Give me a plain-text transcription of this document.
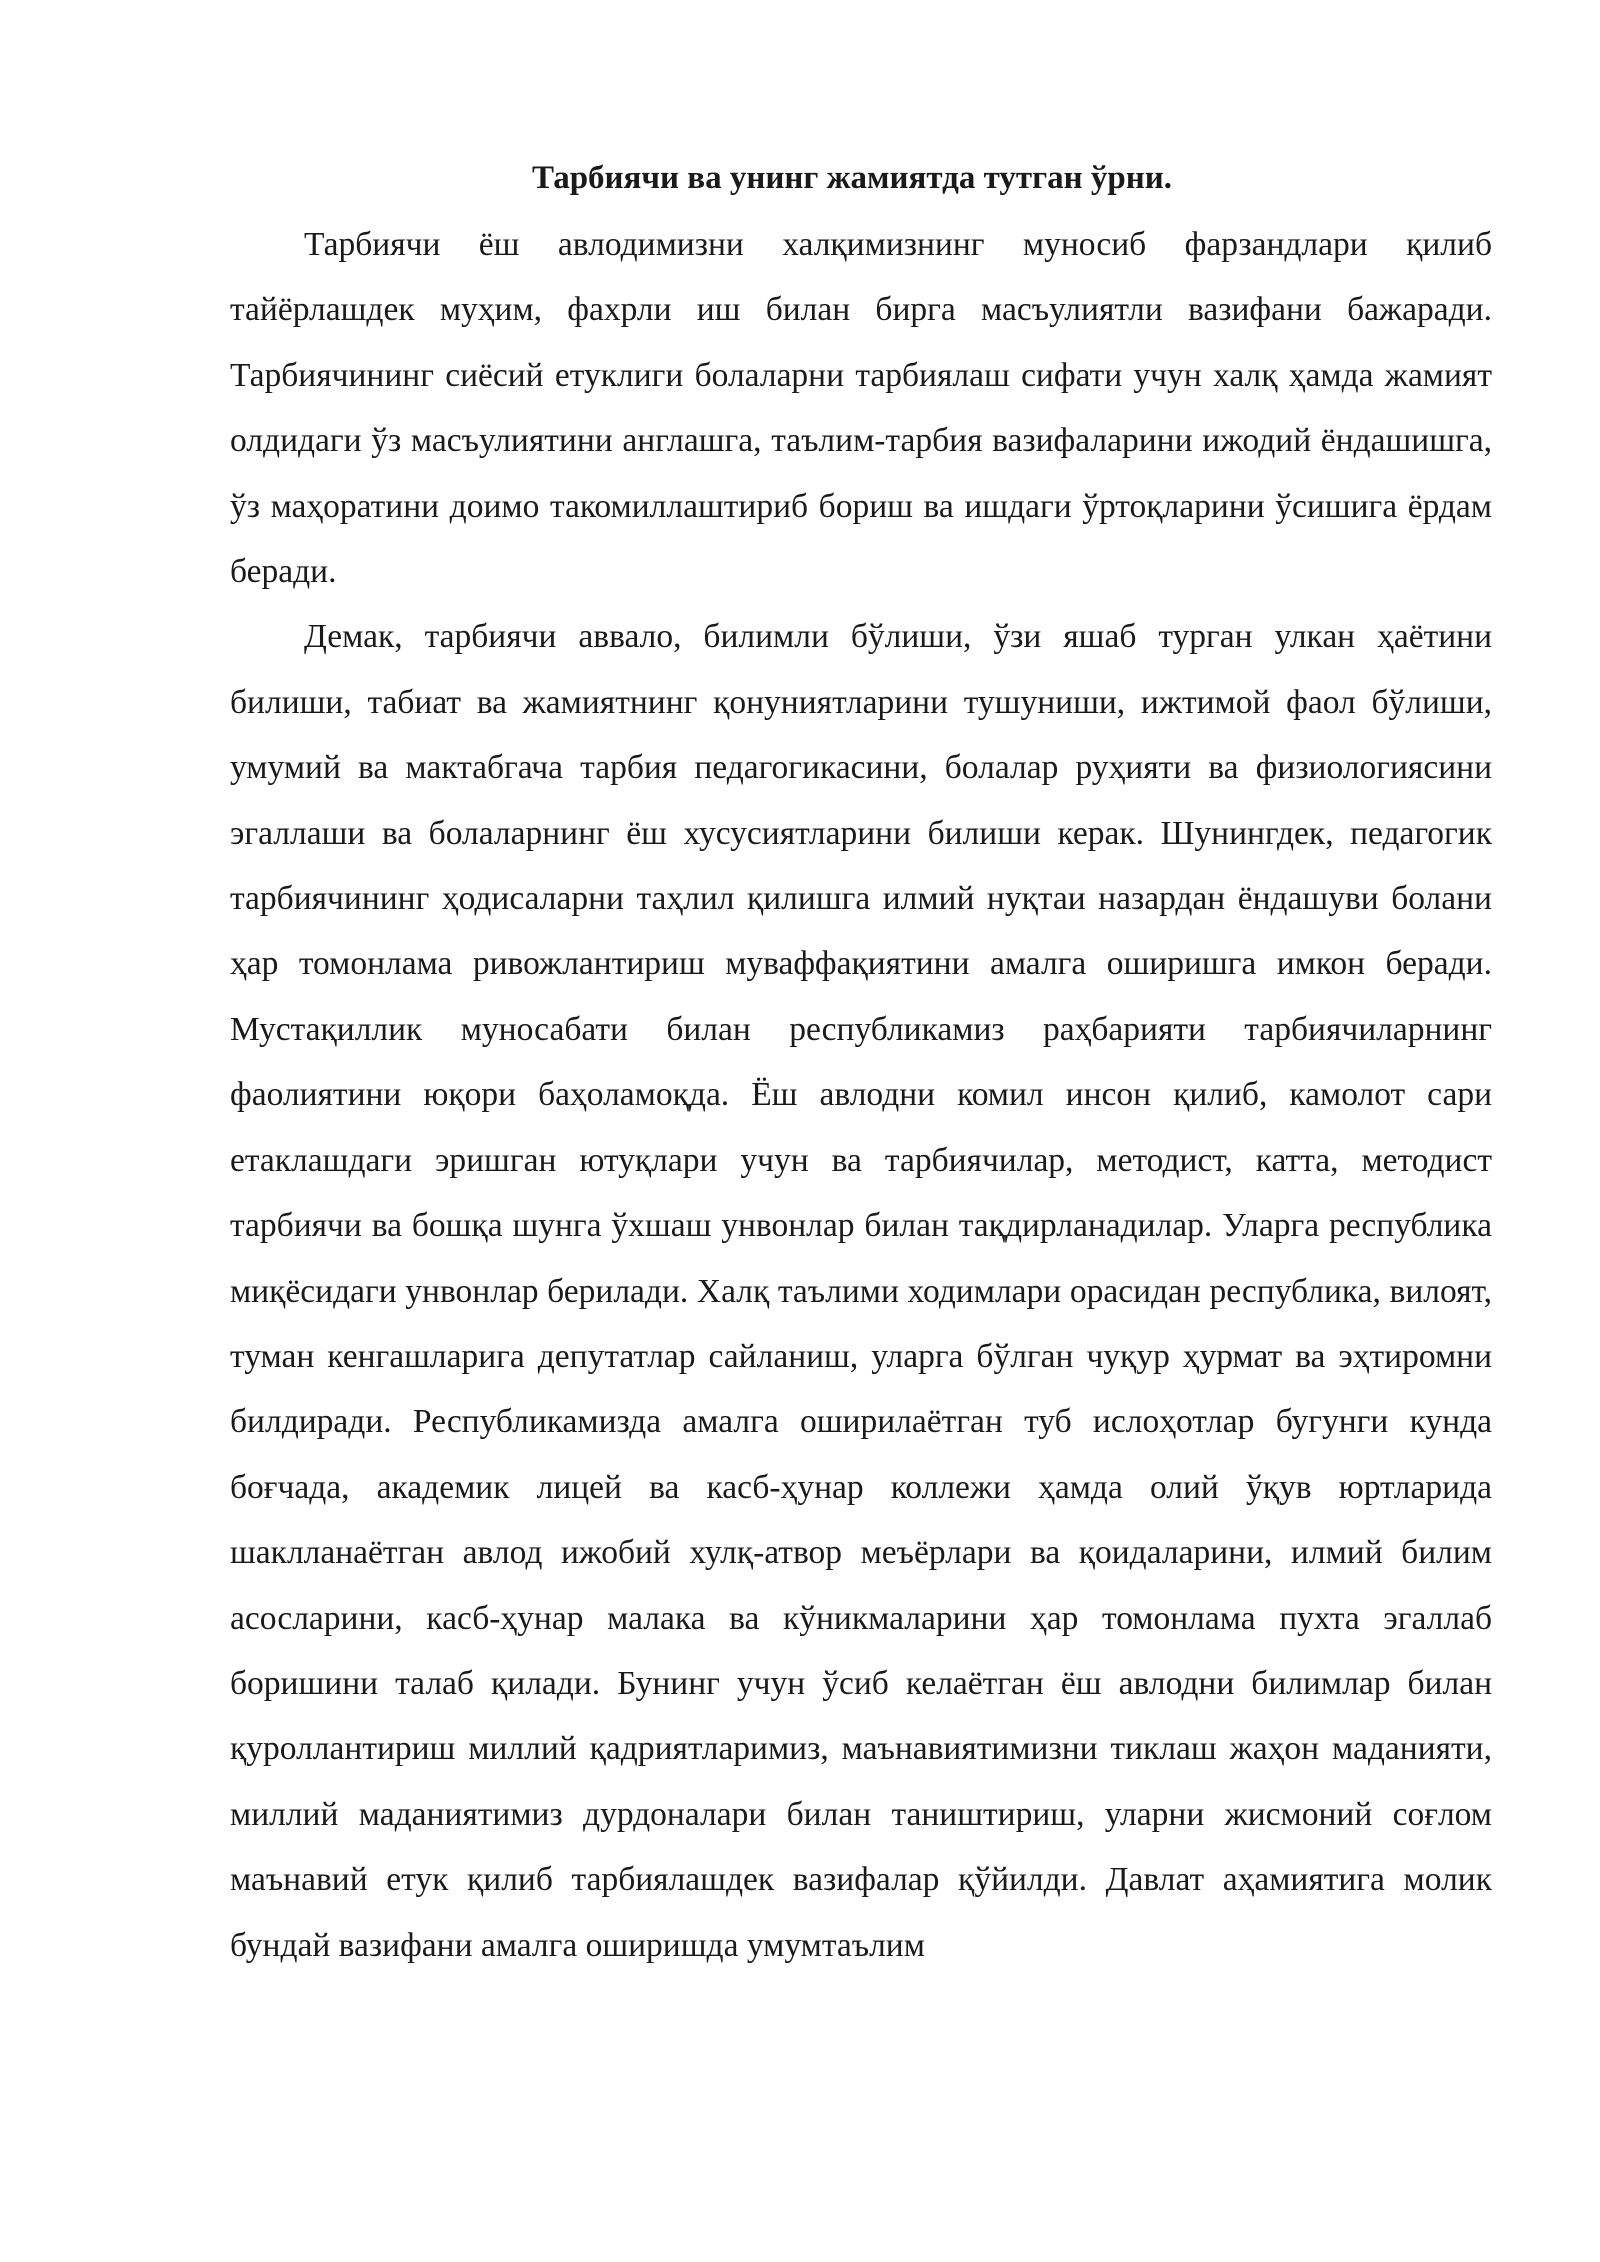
Тарбиячи ва унинг жамиятда тутган ўрни.

Тарбиячи ёш авлодимизни халқимизнинг муносиб фарзандлари қилиб тайёрлашдек муҳим, фахрли иш билан бирга масъулиятли вазифани бажаради. Тарбиячининг сиёсий етуклиги болаларни тарбиялаш сифати учун халқ ҳамда жамият олдидаги ўз масъулиятини англашга, таълим-тарбия вазифаларини ижодий ёндашишга, ўз маҳоратини доимо такомиллаштириб бориш ва ишдаги ўртоқларини ўсишига ёрдам беради.

Демак, тарбиячи аввало, билимли бўлиши, ўзи яшаб турган улкан ҳаётини билиши, табиат ва жамиятнинг қонуниятларини тушуниши, ижтимой фаол бўлиши, умумий ва мактабгача тарбия педагогикасини, болалар руҳияти ва физиологиясини эгаллаши ва болаларнинг ёш хусусиятларини билиши керак. Шунингдек, педагогик тарбиячининг ҳодисаларни таҳлил қилишга илмий нуқтаи назардан ёндашуви болани ҳар томонлама ривожлантириш муваффақиятини амалга оширишга имкон беради. Мустақиллик муносабати билан республикамиз раҳбарияти тарбиячиларнинг фаолиятини юқори баҳоламоқда. Ёш авлодни комил инсон қилиб, камолот сари етаклашдаги эришган ютуқлари учун ва тарбиячилар, методист, катта, методист тарбиячи ва бошқа шунга ўхшаш унвонлар билан тақдирланадилар. Уларга республика миқёсидаги унвонлар берилади. Халқ таълими ходимлари орасидан республика, вилоят, туман кенгашларига депутатлар сайланиш, уларга бўлган чуқур ҳурмат ва эҳтиромни билдиради. Республикамизда амалга оширилаётган туб ислоҳотлар бугунги кунда боғчада, академик лицей ва касб-ҳунар коллежи ҳамда олий ўқув юртларида шаклланаётган авлод ижобий хулқ-атвор меъёрлари ва қоидаларини, илмий билим асосларини, касб-ҳунар малака ва кўникмаларини ҳар томонлама пухта эгаллаб боришини талаб қилади. Бунинг учун ўсиб келаётган ёш авлодни билимлар билан қуроллантириш миллий қадриятларимиз, маънавиятимизни тиклаш жаҳон маданияти, миллий маданиятимиз дурдоналари билан таништириш, уларни жисмоний соғлом маънавий етук қилиб тарбиялашдек вазифалар қўйилди. Давлат аҳамиятига молик бундай вазифани амалга оширишда умумтаълим
